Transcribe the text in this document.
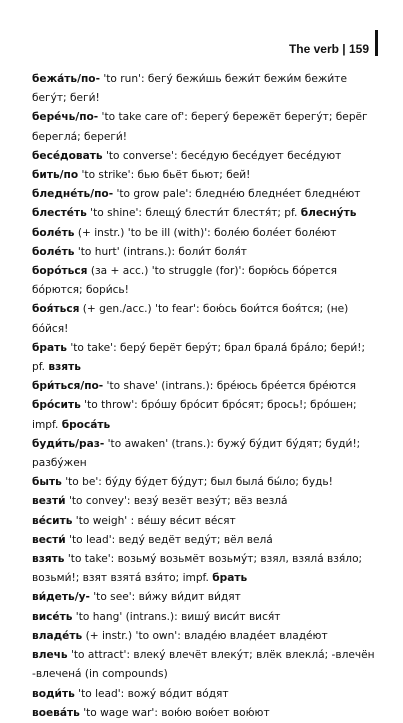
The verb | 159

бежа́ть/по- 'to run': бегу́ бежи́шь бежи́т бежи́м бежи́те бегу́т; беги́!

берéчь/по- 'to take care of': берегу́ бережёт берегу́т; берёг берегла́; береги́!

бесéдовать 'to converse': бесéдую бесéдует бесéдуют

бить/по 'to strike': бью бьёт бьют; бей!

бледнéть/по- 'to grow pale': бледнéю бледнéет бледнéют

блестéть 'to shine': блещу́ блести́т блестя́т; pf. блеснýть

болéть (+ instr.) 'to be ill (with)': болéю болéет болéют

болéть 'to hurt' (intrans.): боли́т боля́т

борóться (за + acc.) 'to struggle (for)': борю́сь бóрется бóрются; бори́сь!

боя́ться (+ gen./acc.) 'to fear': бою́сь бои́тся боя́тся; (не) бóйся!

брать 'to take': берý берёт берýт; брал брала́ брáло; бери́!; pf. взять

бри́ться/по- 'to shave' (intrans.): брéюсь брéется брéются

брóсить 'to throw': брóшу брóсит брóсят; брось!; брóшен; impf. бросáть

буди́ть/раз- 'to awaken' (trans.): бужý бýдит бýдят; буди́!; разбýжен

быть 'to be': бýду бýдет бýдут; был былá бы́ло; будь!

везти́ 'to convey': везý везёт везýт; вёз везлá

вéсить 'to weigh' : вéшу вéсит вéсят

вести́ 'to lead': ведý ведёт ведýт; вёл велá

взять 'to take': возьмý возьмёт возьмýт; взял, взялá взя́ло; возьми́!; взят взятá взя́то; impf. брать

ви́деть/у- 'to see': ви́жу ви́дит ви́дят

висéть 'to hang' (intrans.): вишý виси́т вися́т

владéть (+ instr.) 'to own': владéю владéет владéют

влечь 'to attract': влекý влечёт влекýт; влёк влеклá; -влечён -влеченá (in compounds)

води́ть 'to lead': вожý вóдит вóдят

воевáть 'to wage war': вою́ю вою́ет вою́ют
